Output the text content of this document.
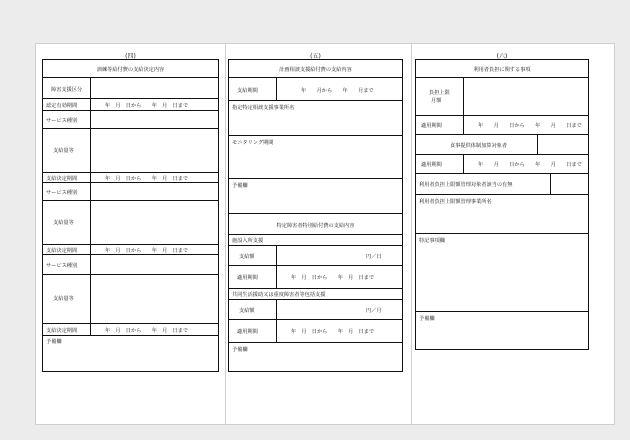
(四)
訓練等給付費の支給決定内容
障害支援区分
認定有効期間	年　月　日から　　年　月　日まで
サービス種別
支給量等
支給決定期間	年　月　日から　　年　月　日まで
サービス種別
支給量等
支給決定期間	年　月　日から　　年　月　日まで
サービス種別
支給量等
支給決定期間	年　月　日から　　年　月　日まで
予備欄
(五)
計画相談支援給付費の支給内容
支給期間	年　　月から　　年　　月まで
指定特定相談支援事業所名
モニタリング期間
予備欄
特定障害者特別給付費の支給内容
施設入所支援
支給額	円／日
適用期間	年　月　日から　　年　月　日まで
共同生活援助又は重度障害者等包括支援
支給額	円／月
適用期間	年　月　日から　　年　月　日まで
予備欄
(六)
利用者負担に関する事項
負担上限
月額
適用期間	年　　月　　日から　　年　　月　　日まで
食事提供体制加算対象者
適用期間	年　　月　　日から　　年　　月　　日まで
利用者負担上限額管理対象者該当の有無
利用者負担上限額管理事業所名
特記事項欄
予備欄
